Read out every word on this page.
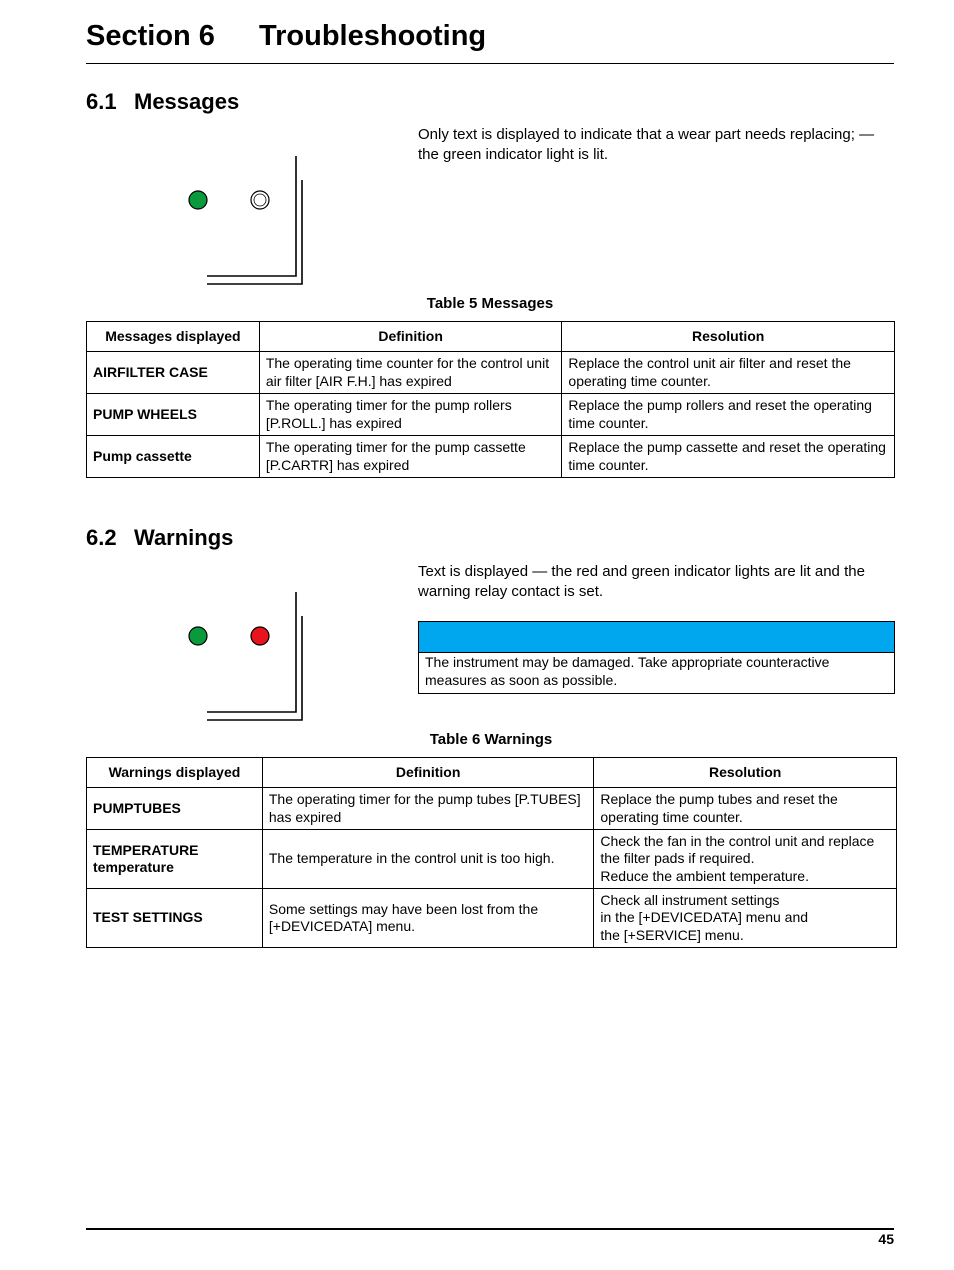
Section 6 Troubleshooting
6.1 Messages
Only text is displayed to indicate that a wear part needs replacing; — the green indicator light is lit.
Table 5 Messages
Messages displayed	Definition	Resolution
AIRFILTER CASE	The operating time counter for the control unit air filter [AIR F.H.] has expired	Replace the control unit air filter and reset the operating time counter.
PUMP WHEELS	The operating timer for the pump rollers [P.ROLL.] has expired	Replace the pump rollers and reset the operating time counter.
Pump cassette	The operating timer for the pump cassette [P.CARTR] has expired	Replace the pump cassette and reset the operating time counter.
6.2 Warnings
Text is displayed — the red and green indicator lights are lit and the warning relay contact is set.
The instrument may be damaged. Take appropriate counteractive measures as soon as possible.
Table 6 Warnings
Warnings displayed	Definition	Resolution
PUMPTUBES	The operating timer for the pump tubes [P.TUBES] has expired	Replace the pump tubes and reset the operating time counter.
TEMPERATURE
temperature	The temperature in the control unit is too high.	Check the fan in the control unit and replace the filter pads if required.
Reduce the ambient temperature.
TEST SETTINGS	Some settings may have been lost from the [+DEVICEDATA] menu.	Check all instrument settings
in the [+DEVICEDATA] menu and
the [+SERVICE] menu.
45
